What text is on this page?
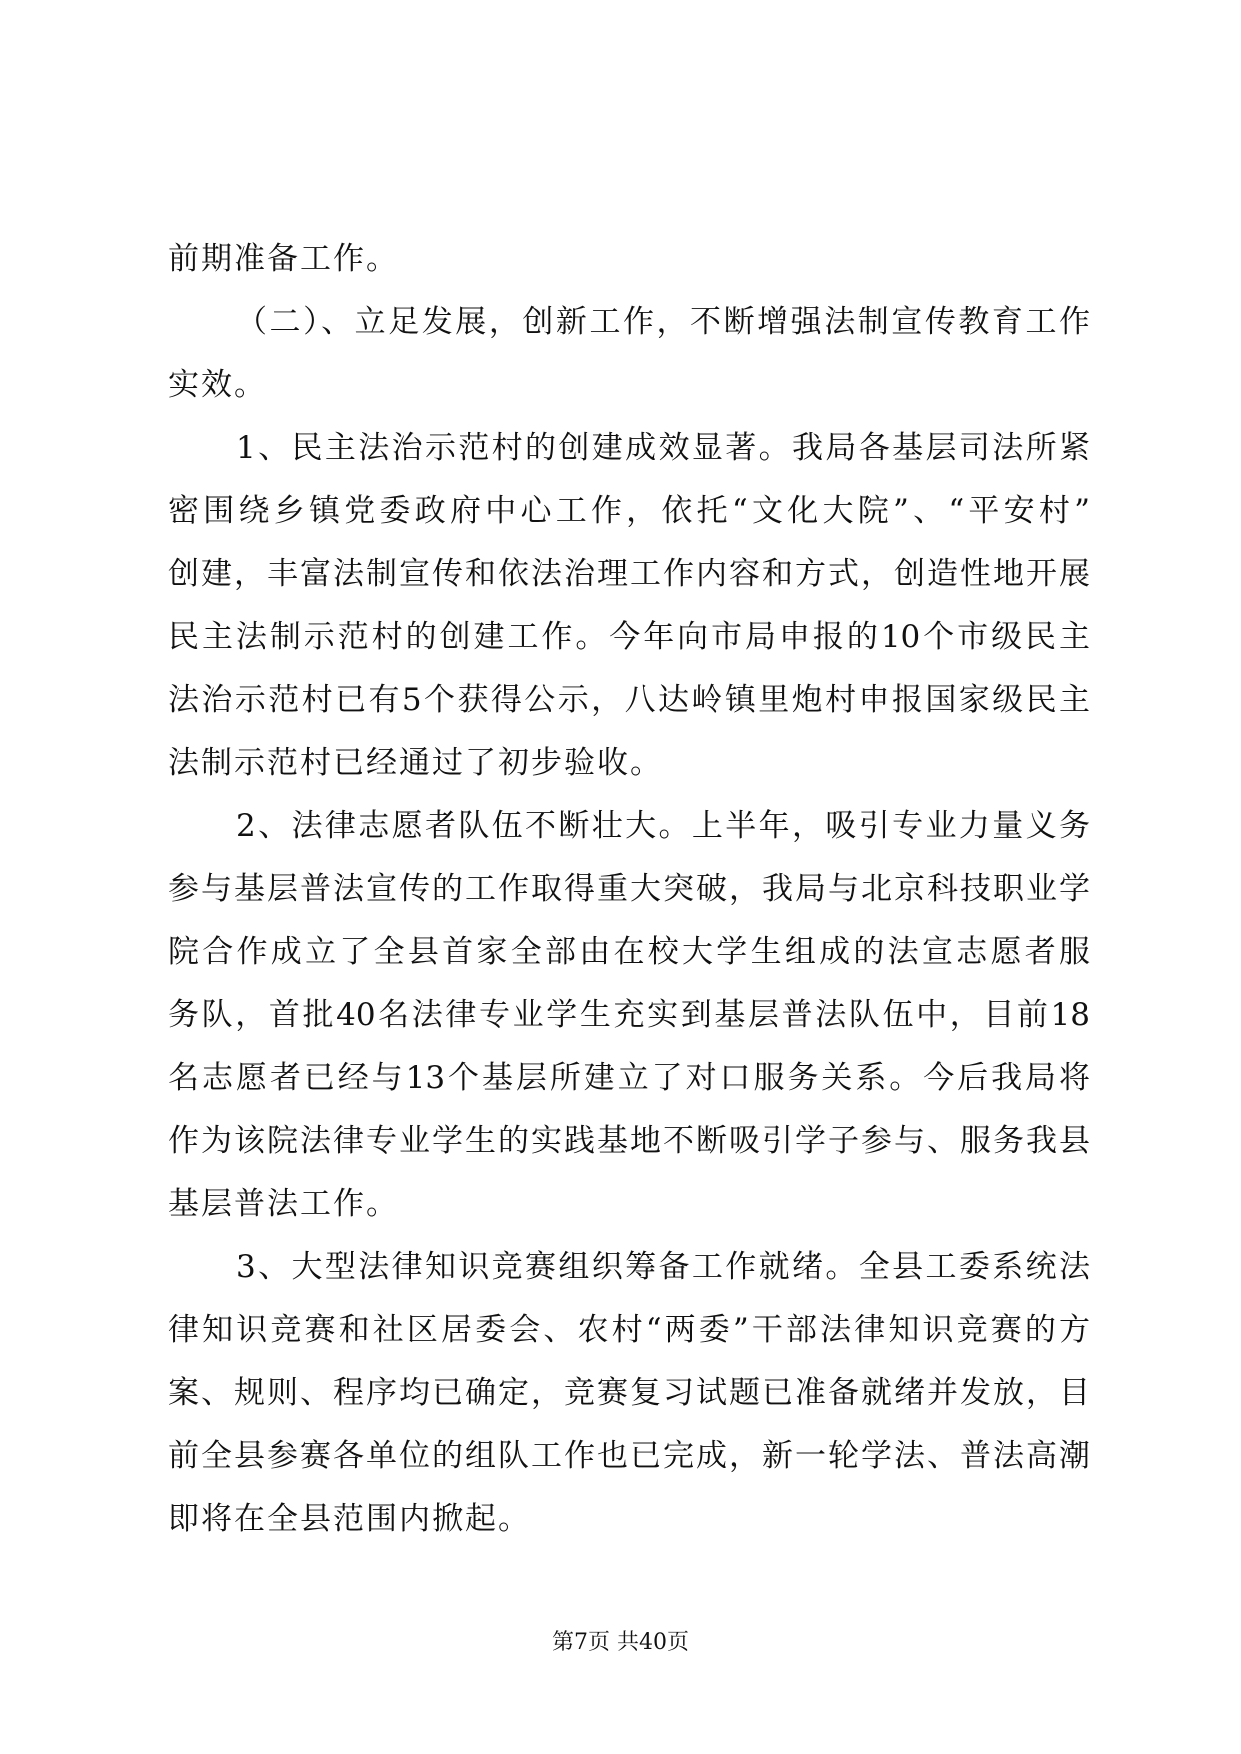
前期准备工作。
（二）、立足发展，创新工作，不断增强法制宣传教育工作
实效。
1、民主法治示范村的创建成效显著。我局各基层司法所紧
密围绕乡镇党委政府中心工作，依托“文化大院”、“平安村”
创建，丰富法制宣传和依法治理工作内容和方式，创造性地开展
民主法制示范村的创建工作。今年向市局申报的10个市级民主
法治示范村已有5个获得公示，八达岭镇里炮村申报国家级民主
法制示范村已经通过了初步验收。
2、法律志愿者队伍不断壮大。上半年，吸引专业力量义务
参与基层普法宣传的工作取得重大突破，我局与北京科技职业学
院合作成立了全县首家全部由在校大学生组成的法宣志愿者服
务队，首批40名法律专业学生充实到基层普法队伍中，目前18
名志愿者已经与13个基层所建立了对口服务关系。今后我局将
作为该院法律专业学生的实践基地不断吸引学子参与、服务我县
基层普法工作。
3、大型法律知识竞赛组织筹备工作就绪。全县工委系统法
律知识竞赛和社区居委会、农村“两委”干部法律知识竞赛的方
案、规则、程序均已确定，竞赛复习试题已准备就绪并发放，目
前全县参赛各单位的组队工作也已完成，新一轮学法、普法高潮
即将在全县范围内掀起。
第7页 共40页
